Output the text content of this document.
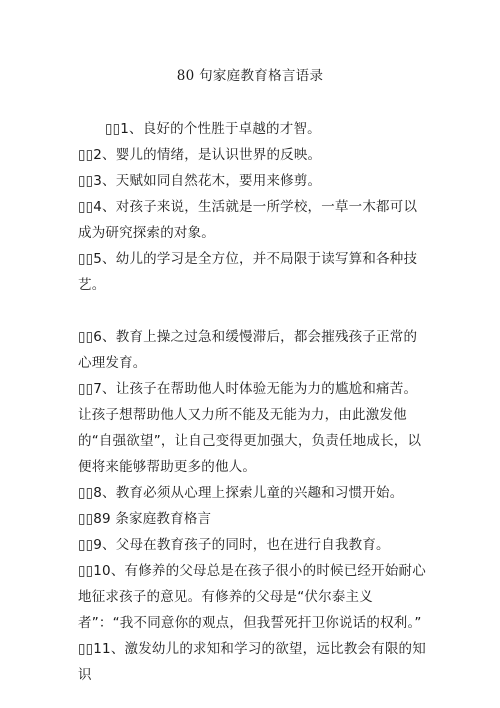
80 句家庭教育格言语录

▯▯1、良好的个性胜于卓越的才智。

▯▯2、婴儿的情绪，是认识世界的反映。

▯▯3、天赋如同自然花木，要用来修剪。

▯▯4、对孩子来说，生活就是一所学校，一草一木都可以成为研究探索的对象。

▯▯5、幼儿的学习是全方位，并不局限于读写算和各种技艺。

▯▯6、教育上操之过急和缓慢滞后，都会摧残孩子正常的心理发育。

▯▯7、让孩子在帮助他人时体验无能为力的尴尬和痛苦。让孩子想帮助他人又力所不能及无能为力，由此激发他的“自强欲望”，让自己变得更加强大，负责任地成长，以便将来能够帮助更多的他人。

▯▯8、教育必须从心理上探索儿童的兴趣和习惯开始。

▯▯89 条家庭教育格言

▯▯9、父母在教育孩子的同时，也在进行自我教育。

▯▯10、有修养的父母总是在孩子很小的时候已经开始耐心地征求孩子的意见。有修养的父母是“伏尔泰主义者”：“我不同意你的观点，但我誓死扞卫你说话的权利。”

▯▯11、激发幼儿的求知和学习的欲望，远比教会有限的知识
